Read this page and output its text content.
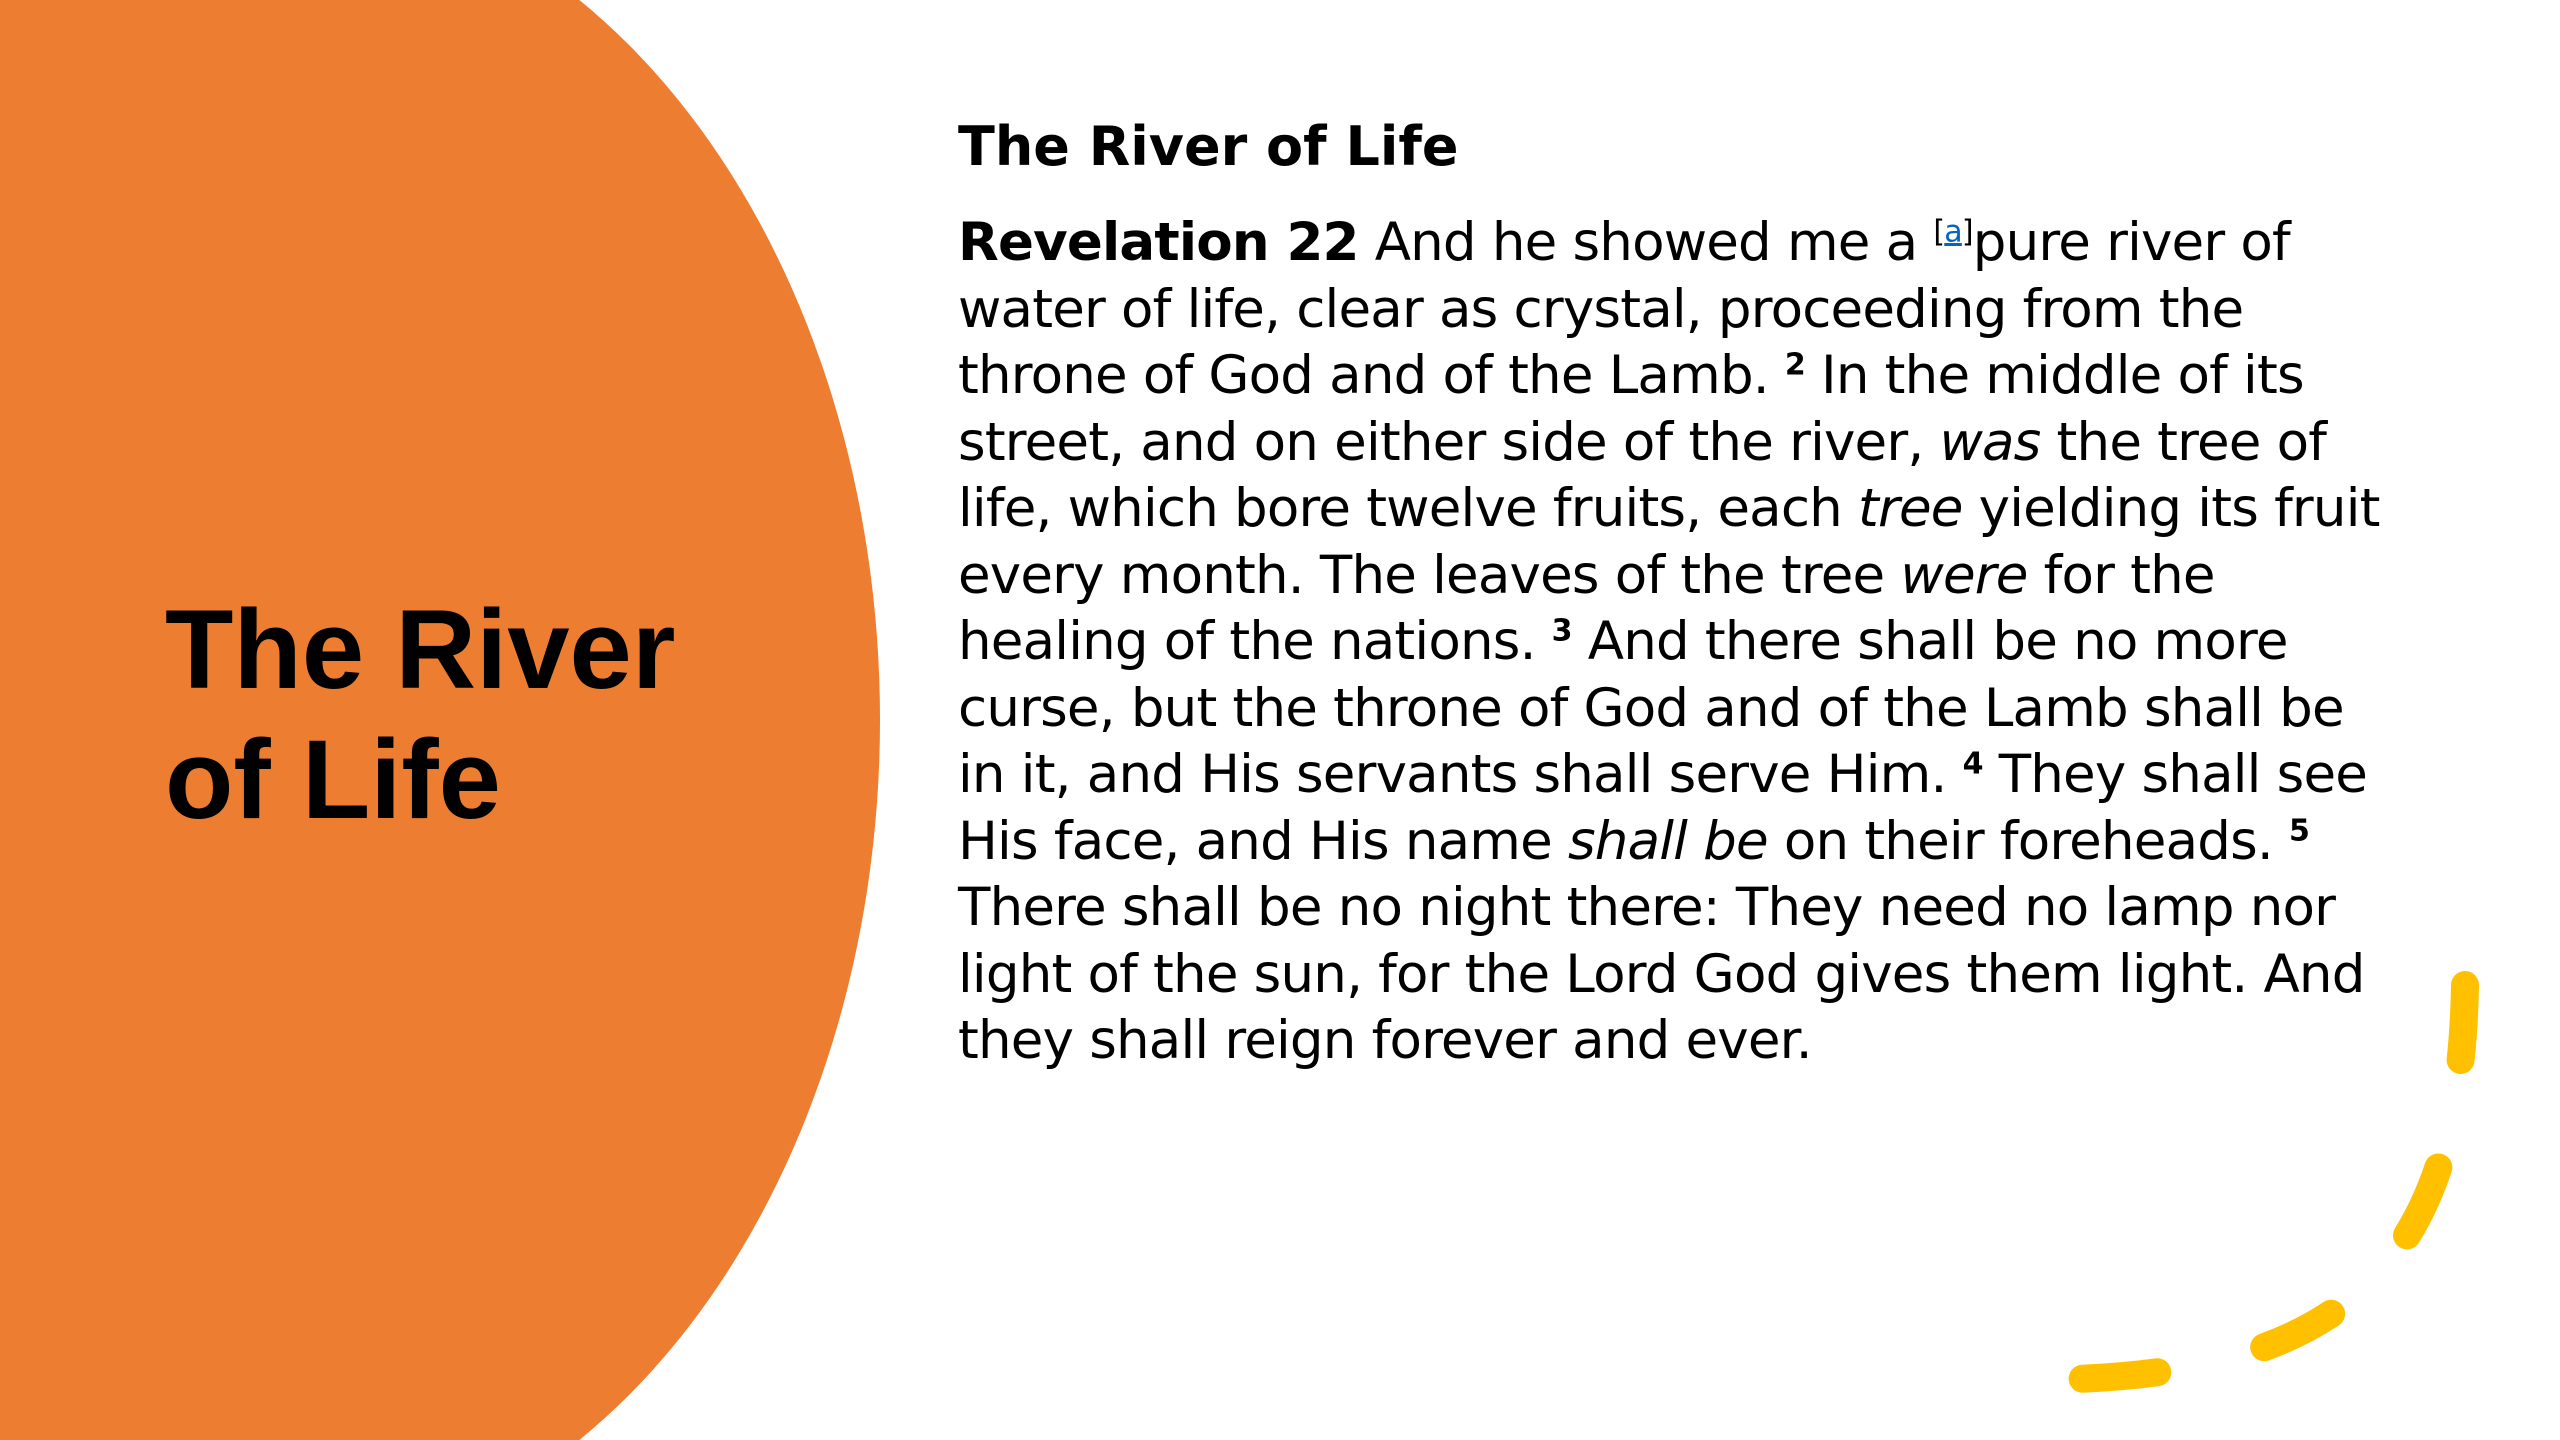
The River of Life
The River of Life

Revelation 22 And he showed me a [a]pure river of water of life, clear as crystal, proceeding from the throne of God and of the Lamb. $^2$ In the middle of its street, and on either side of the river, was the tree of life, which bore twelve fruits, each tree yielding its fruit every month. The leaves of the tree were for the healing of the nations. $^3$ And there shall be no more curse, but the throne of God and of the Lamb shall be in it, and His servants shall serve Him. $^4$ They shall see His face, and His name shall be on their foreheads. $^5$ There shall be no night there: They need no lamp nor light of the sun, for the Lord God gives them light. And they shall reign forever and ever.
